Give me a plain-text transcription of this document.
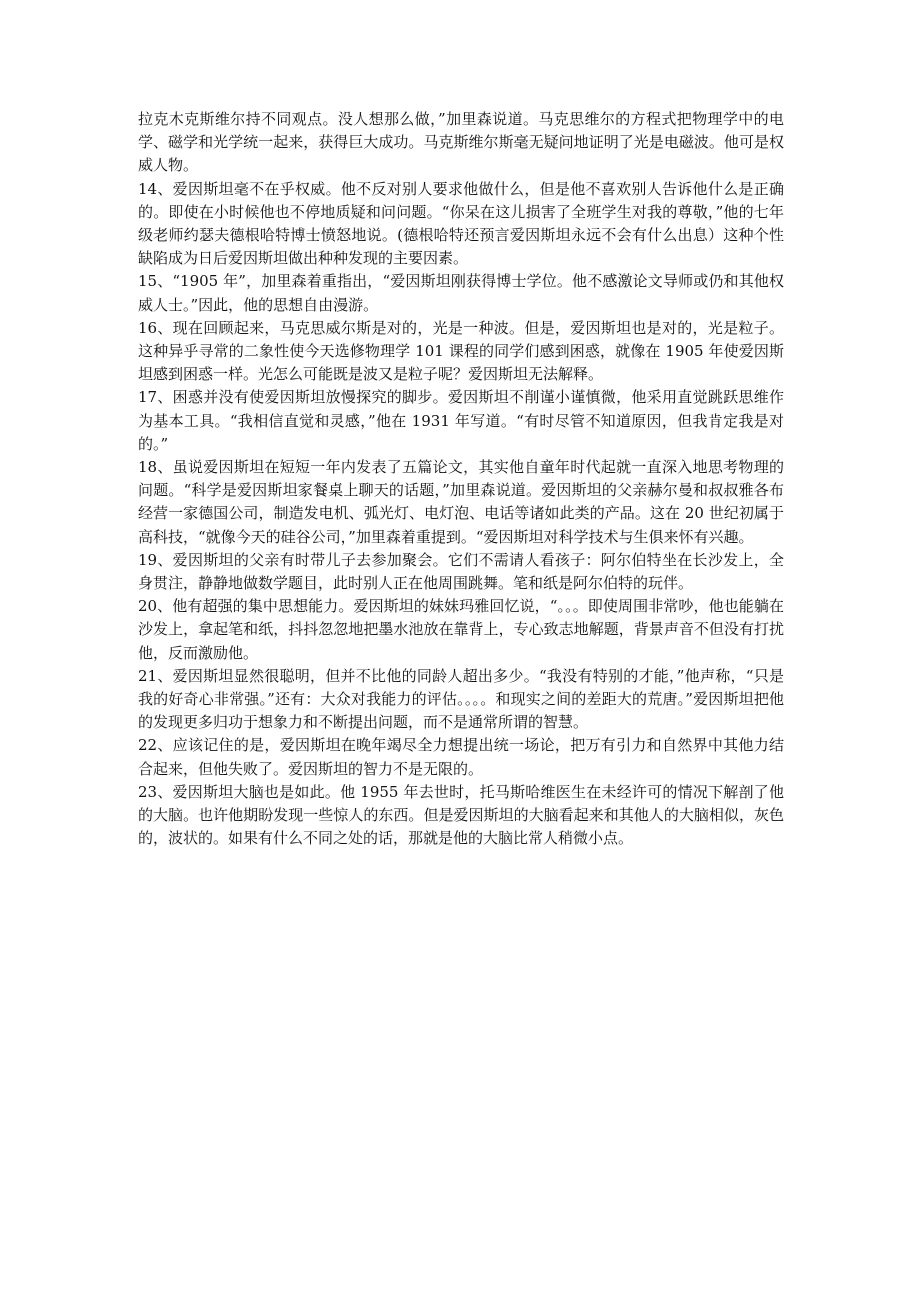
拉克木克斯维尔持不同观点。没人想那么做，”加里森说道。马克思维尔的方程式把物理学中的电学、磁学和光学统一起来，获得巨大成功。马克斯维尔斯毫无疑问地证明了光是电磁波。他可是权威人物。

14、爱因斯坦毫不在乎权威。他不反对别人要求他做什么，但是他不喜欢别人告诉他什么是正确的。即使在小时候他也不停地质疑和问问题。“你呆在这儿损害了全班学生对我的尊敬，”他的七年级老师约瑟夫德根哈特博士愤怒地说。(德根哈特还预言爱因斯坦永远不会有什么出息）这种个性缺陷成为日后爱因斯坦做出种种发现的主要因素。

15、“1905 年”，加里森着重指出，“爱因斯坦刚获得博士学位。他不感激论文导师或仍和其他权威人士。”因此，他的思想自由漫游。

16、现在回顾起来，马克思威尔斯是对的，光是一种波。但是，爱因斯坦也是对的，光是粒子。这种异乎寻常的二象性使今天选修物理学 101 课程的同学们感到困惑，就像在 1905 年使爱因斯坦感到困惑一样。光怎么可能既是波又是粒子呢？爱因斯坦无法解释。

17、困惑并没有使爱因斯坦放慢探究的脚步。爱因斯坦不削谨小谨慎微，他采用直觉跳跃思维作为基本工具。“我相信直觉和灵感，”他在 1931 年写道。“有时尽管不知道原因，但我肯定我是对的。”

18、虽说爱因斯坦在短短一年内发表了五篇论文，其实他自童年时代起就一直深入地思考物理的问题。“科学是爱因斯坦家餐桌上聊天的话题，”加里森说道。爱因斯坦的父亲赫尔曼和叔叔雅各布经营一家德国公司，制造发电机、弧光灯、电灯泡、电话等诸如此类的产品。这在 20 世纪初属于高科技，“就像今天的硅谷公司，”加里森着重提到。“爱因斯坦对科学技术与生俱来怀有兴趣。

19、爱因斯坦的父亲有时带儿子去参加聚会。它们不需请人看孩子：阿尔伯特坐在长沙发上，全身贯注，静静地做数学题目，此时别人正在他周围跳舞。笔和纸是阿尔伯特的玩伴。

20、他有超强的集中思想能力。爱因斯坦的妹妹玛雅回忆说，“。。。即使周围非常吵，他也能躺在沙发上，拿起笔和纸，抖抖忽忽地把墨水池放在靠背上，专心致志地解题，背景声音不但没有打扰他，反而激励他。

21、爱因斯坦显然很聪明，但并不比他的同龄人超出多少。“我没有特别的才能，”他声称，“只是我的好奇心非常强。”还有：大众对我能力的评估。。。。和现实之间的差距大的荒唐。”爱因斯坦把他的发现更多归功于想象力和不断提出问题，而不是通常所谓的智慧。

22、应该记住的是，爱因斯坦在晚年竭尽全力想提出统一场论，把万有引力和自然界中其他力结合起来，但他失败了。爱因斯坦的智力不是无限的。

23、爱因斯坦大脑也是如此。他 1955 年去世时，托马斯哈维医生在未经许可的情况下解剖了他的大脑。也许他期盼发现一些惊人的东西。但是爱因斯坦的大脑看起来和其他人的大脑相似，灰色的，波状的。如果有什么不同之处的话，那就是他的大脑比常人稍微小点。
